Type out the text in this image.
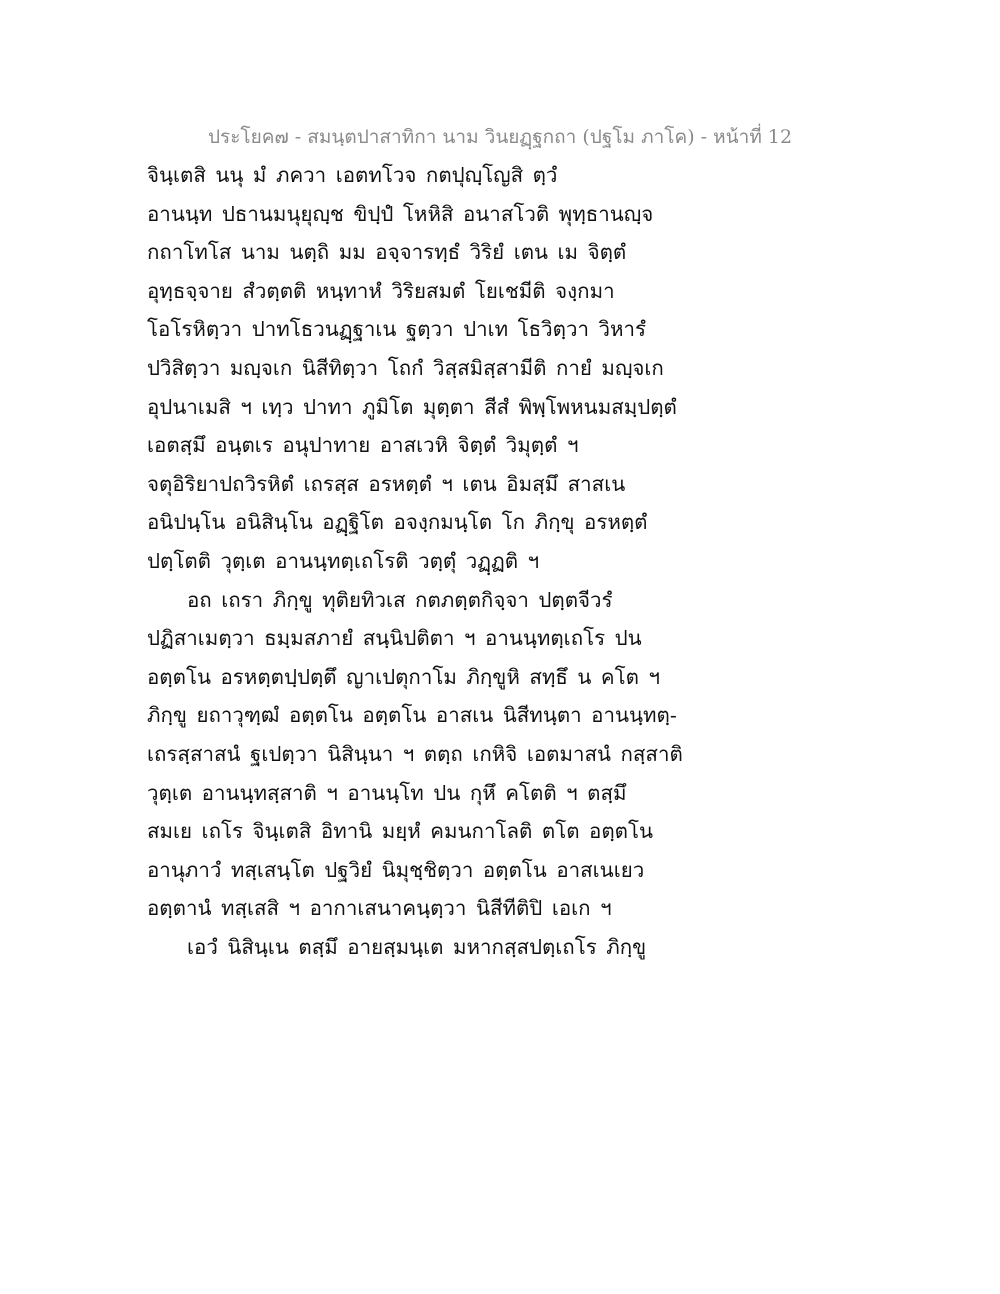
ประโยค๗ - สมนฺตปาสาทิกา นาม วินยฏฺฐกถา (ปฐโม ภาโค) - หน้าที่ 12
จินฺเตสิ นนุ มํ ภควา เอตทโวจ กตปุญฺโญสิ ตฺวํ
อานนฺท ปธานมนุยุญฺช ขิปฺปํ โหหิสิ อนาสโวติ พุทฺธานญฺจ
กถาโทโส นาม นตฺถิ มม อจฺจารทฺธํ วิริยํ เตน เม จิตฺตํ
อุทฺธจฺจาย สํวตฺตติ หนฺทาหํ วิริยสมตํ โยเชมีติ จงฺกมา
โอโรหิตฺวา ปาทโธวนฏฺฐาเน ฐตฺวา ปาเท โธวิตฺวา วิหารํ
ปวิสิตฺวา มญฺจเก นิสีทิตฺวา โถกํ วิสฺสมิสฺสามีติ กายํ มญฺจเก
อุปนาเมสิ ฯ เทฺว ปาทา ภูมิโต มุตฺตา สีสํ พิพฺโพหนมสมฺปตฺตํ
เอตสฺมึ อนฺตเร อนุปาทาย อาสเวหิ จิตฺตํ วิมุตฺตํ ฯ
จตุอิริยาปถวิรหิตํ เถรสฺส อรหตฺตํ ฯ เตน อิมสฺมึ สาสเน
อนิปนฺโน อนิสินฺโน อฏฺฐิโต อจงฺกมนฺโต โก ภิกฺขุ อรหตฺตํ
ปตฺโตติ วุตฺเต อานนฺทตฺเถโรติ วตฺตุํ วฏฺฏติ ฯ
อถ เถรา ภิกฺขู ทุติยทิวเส กตภตฺตกิจฺจา ปตฺตจีวรํ
ปฏิสาเมตฺวา ธมฺมสภายํ สนฺนิปติตา ฯ อานนฺทตฺเถโร ปน
อตฺตโน อรหตฺตปฺปตฺตึ ญาเปตุกาโม ภิกฺขูหิ สทฺธึ น คโต ฯ
ภิกฺขู ยถาวุฑฺฒํ อตฺตโน อตฺตโน อาสเน นิสีทนฺตา อานนฺทตฺ-
เถรสฺสาสนํ ฐเปตฺวา นิสินฺนา ฯ ตตฺถ เกหิจิ เอตมาสนํ กสฺสาติ
วุตฺเต อานนฺทสฺสาติ ฯ อานนฺโท ปน กุหึ คโตติ ฯ ตสฺมึ
สมเย เถโร จินฺเตสิ อิทานิ มยฺหํ คมนกาโลติ ตโต อตฺตโน
อานุภาวํ ทสฺเสนฺโต ปฐวิยํ นิมุชฺชิตฺวา อตฺตโน อาสเนเยว
อตฺตานํ ทสฺเสสิ ฯ อากาเสนาคนฺตฺวา นิสีทีติปิ เอเก ฯ
เอวํ นิสินฺเน ตสฺมึ อายสฺมนฺเต มหากสฺสปตฺเถโร ภิกฺขู
